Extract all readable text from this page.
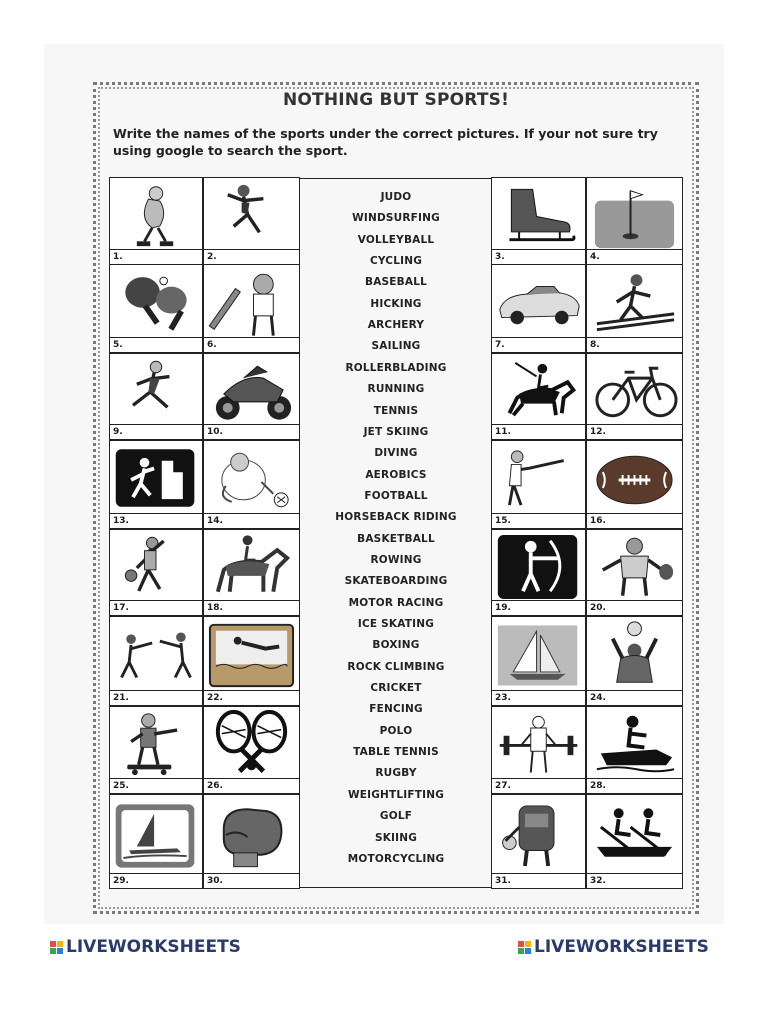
NOTHING BUT SPORTS!
Write the names of the sports under the correct pictures. If your not sure try using google to search the sport.
1.	2.	3.	4.
5.	6.	7.	8.
9.	10.	11.	12.
13.	14.	15.	16.
17.	18.	19.	20.
21.	22.	23.	24.
25.	26.	27.	28.
29.	30.	31.	32.
JUDO
WINDSURFING
VOLLEYBALL
CYCLING
BASEBALL
HICKING
ARCHERY
SAILING
ROLLERBLADING
RUNNING
TENNIS
JET SKIING
DIVING
AEROBICS
FOOTBALL
HORSEBACK RIDING
BASKETBALL
ROWING
SKATEBOARDING
MOTOR RACING
ICE SKATING
BOXING
ROCK CLIMBING
CRICKET
FENCING
POLO
TABLE TENNIS
RUGBY
WEIGHTLIFTING
GOLF
SKIING
MOTORCYCLING
LIVEWORKSHEETS	LIVEWORKSHEETS
